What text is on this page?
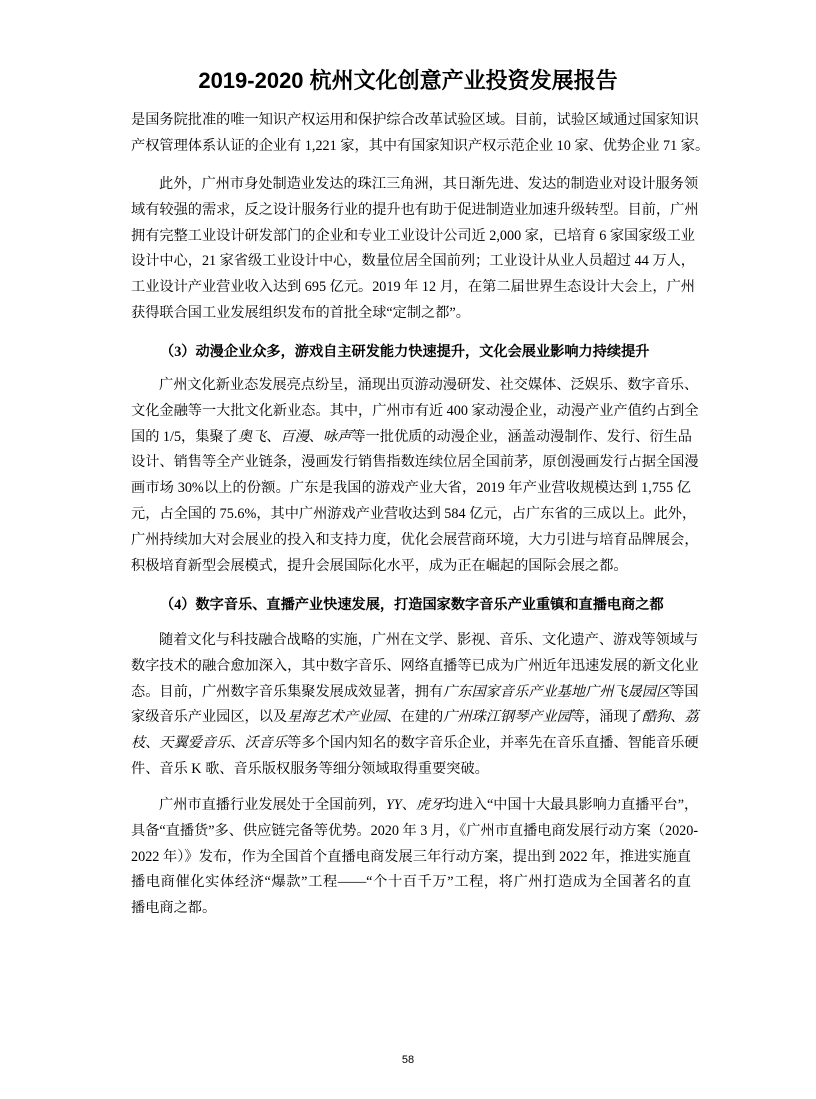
2019-2020 杭州文化创意产业投资发展报告
是国务院批准的唯一知识产权运用和保护综合改革试验区域。目前，试验区域通过国家知识
产权管理体系认证的企业有 1,221 家，其中有国家知识产权示范企业 10 家、优势企业 71 家。
此外，广州市身处制造业发达的珠江三角洲，其日渐先进、发达的制造业对设计服务领
域有较强的需求，反之设计服务行业的提升也有助于促进制造业加速升级转型。目前，广州
拥有完整工业设计研发部门的企业和专业工业设计公司近 2,000 家，已培育 6 家国家级工业
设计中心，21 家省级工业设计中心，数量位居全国前列；工业设计从业人员超过 44 万人，
工业设计产业营业收入达到 695 亿元。2019 年 12 月，在第二届世界生态设计大会上，广州
获得联合国工业发展组织发布的首批全球“定制之都”。
（3）动漫企业众多，游戏自主研发能力快速提升，文化会展业影响力持续提升
广州文化新业态发展亮点纷呈，涌现出页游动漫研发、社交媒体、泛娱乐、数字音乐、
文化金融等一大批文化新业态。其中，广州市有近 400 家动漫企业，动漫产业产值约占到全
国的 1/5，集聚了奥飞、百漫、咏声等一批优质的动漫企业，涵盖动漫制作、发行、衍生品
设计、销售等全产业链条，漫画发行销售指数连续位居全国前茅，原创漫画发行占据全国漫
画市场 30%以上的份额。广东是我国的游戏产业大省，2019 年产业营收规模达到 1,755 亿
元，占全国的 75.6%，其中广州游戏产业营收达到 584 亿元，占广东省的三成以上。此外，
广州持续加大对会展业的投入和支持力度，优化会展营商环境，大力引进与培育品牌展会，
积极培育新型会展模式，提升会展国际化水平，成为正在崛起的国际会展之都。
（4）数字音乐、直播产业快速发展，打造国家数字音乐产业重镇和直播电商之都
随着文化与科技融合战略的实施，广州在文学、影视、音乐、文化遗产、游戏等领域与
数字技术的融合愈加深入，其中数字音乐、网络直播等已成为广州近年迅速发展的新文化业
态。目前，广州数字音乐集聚发展成效显著，拥有广东国家音乐产业基地广州飞晟园区等国
家级音乐产业园区，以及星海艺术产业园、在建的广州珠江钢琴产业园等，涌现了酷狗、荔
枝、天翼爱音乐、沃音乐等多个国内知名的数字音乐企业，并率先在音乐直播、智能音乐硬
件、音乐 K 歌、音乐版权服务等细分领域取得重要突破。
广州市直播行业发展处于全国前列，YY、虎牙均进入“中国十大最具影响力直播平台”，
具备“直播货”多、供应链完备等优势。2020 年 3 月，《广州市直播电商发展行动方案（2020-
2022 年）》发布，作为全国首个直播电商发展三年行动方案，提出到 2022 年，推进实施直
播电商催化实体经济“爆款”工程——“个十百千万”工程，将广州打造成为全国著名的直
播电商之都。
58
